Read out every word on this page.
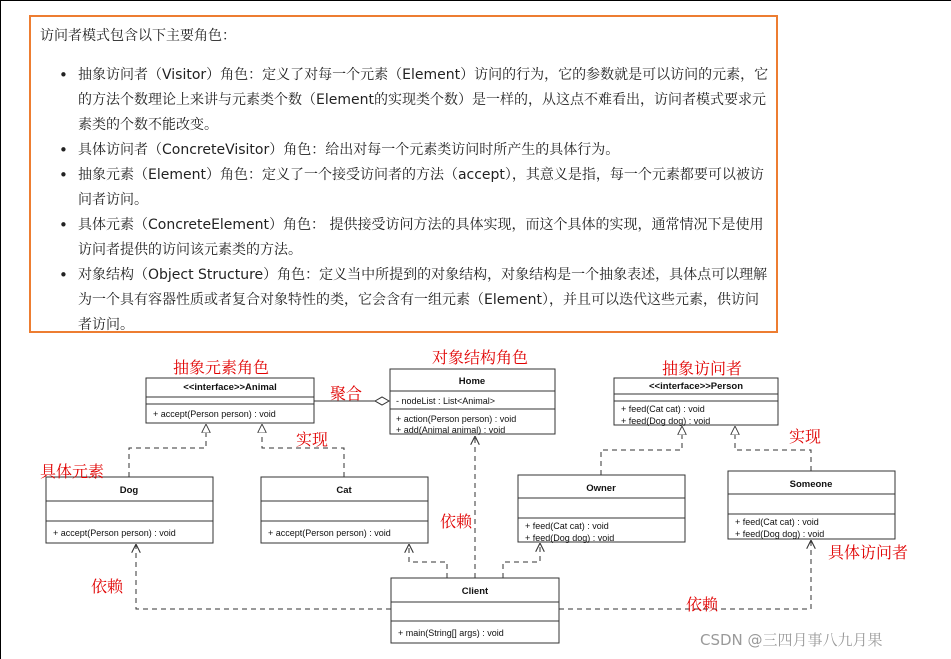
访问者模式包含以下主要角色：
• 抽象访问者（Visitor）角色：定义了对每一个元素（Element）访问的行为，它的参数就是可以访问的元素，它的方法个数理论上来讲与元素类个数（Element的实现类个数）是一样的，从这点不难看出，访问者模式要求元素类的个数不能改变。
• 具体访问者（ConcreteVisitor）角色：给出对每一个元素类访问时所产生的具体行为。
• 抽象元素（Element）角色：定义了一个接受访问者的方法（accept），其意义是指，每一个元素都要可以被访问者访问。
• 具体元素（ConcreteElement）角色： 提供接受访问方法的具体实现，而这个具体的实现，通常情况下是使用访问者提供的访问该元素类的方法。
• 对象结构（Object Structure）角色：定义当中所提到的对象结构，对象结构是一个抽象表述，具体点可以理解为一个具有容器性质或者复合对象特性的类，它会含有一组元素（Element），并且可以迭代这些元素，供访问者访问。
<<interface>>Animal
+ accept(Person person) : void
Home
- nodeList : List<Animal>
+ action(Person person) : void
+ add(Animal animal) : void
<<interface>>Person
+ feed(Cat cat) : void
+ feed(Dog dog) : void
Dog
+ accept(Person person) : void
Cat
+ accept(Person person) : void
Owner
+ feed(Cat cat) : void
+ feed(Dog dog) : void
Someone
+ feed(Cat cat) : void
+ feed(Dog dog) : void
Client
+ main(String[] args) : void
抽象元素角色
对象结构角色
抽象访问者
聚合
实现	实现
具体元素
依赖
依赖
依赖
具体访问者
CSDN @三四月事八九月果
